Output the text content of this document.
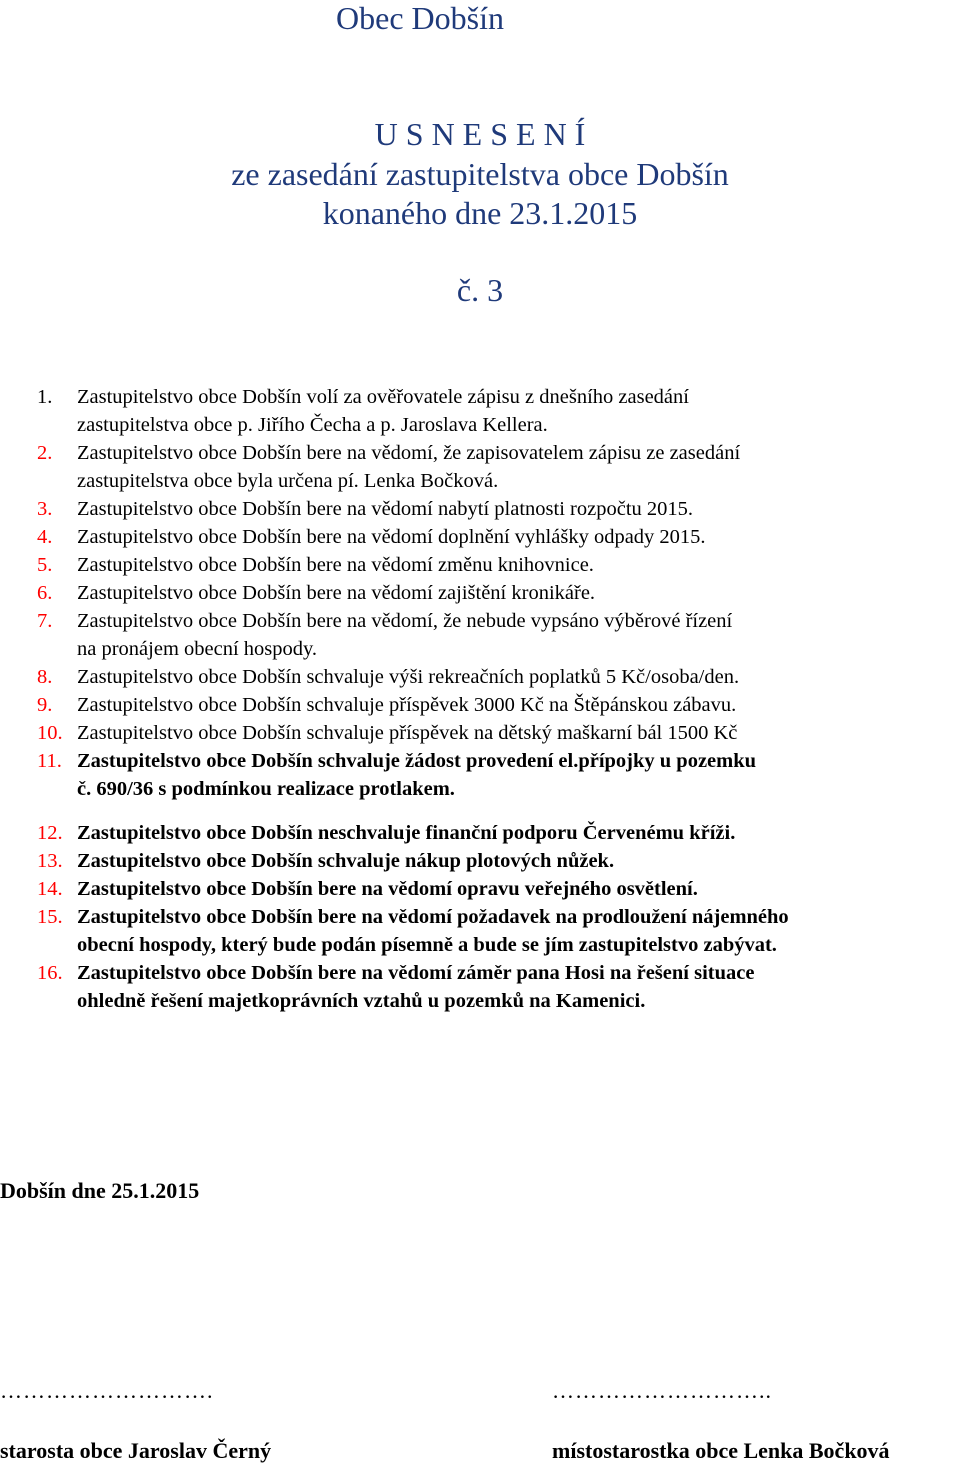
Obec Dobšín
U S N E S E N Í
ze zasedání zastupitelstva obce Dobšín
konaného dne 23.1.2015
č. 3
1. Zastupitelstvo obce Dobšín volí za ověřovatele zápisu z dnešního zasedání
zastupitelstva obce p. Jiřího Čecha a p. Jaroslava Kellera.
2. Zastupitelstvo obce Dobšín bere na vědomí, že zapisovatelem zápisu ze zasedání
zastupitelstva obce byla určena pí. Lenka Bočková.
3. Zastupitelstvo obce Dobšín bere na vědomí nabytí platnosti rozpočtu 2015.
4. Zastupitelstvo obce Dobšín bere na vědomí doplnění vyhlášky odpady 2015.
5. Zastupitelstvo obce Dobšín bere na vědomí změnu knihovnice.
6. Zastupitelstvo obce Dobšín bere na vědomí zajištění kronikáře.
7. Zastupitelstvo obce Dobšín bere na vědomí, že nebude vypsáno výběrové řízení
na pronájem obecní hospody.
8. Zastupitelstvo obce Dobšín schvaluje výši rekreačních poplatků 5 Kč/osoba/den.
9. Zastupitelstvo obce Dobšín schvaluje příspěvek 3000 Kč na Štěpánskou zábavu.
10. Zastupitelstvo obce Dobšín schvaluje příspěvek na dětský maškarní bál 1500 Kč
11. Zastupitelstvo obce Dobšín schvaluje žádost provedení el.přípojky u pozemku
č. 690/36 s podmínkou realizace protlakem.
12. Zastupitelstvo obce Dobšín neschvaluje finanční podporu Červenému kříži.
13. Zastupitelstvo obce Dobšín schvaluje nákup plotových nůžek.
14. Zastupitelstvo obce Dobšín bere na vědomí opravu veřejného osvětlení.
15. Zastupitelstvo obce Dobšín bere na vědomí požadavek na prodloužení nájemného
obecní hospody, který bude podán písemně a bude se jím zastupitelstvo zabývat.
16. Zastupitelstvo obce Dobšín bere na vědomí záměr pana Hosi na řešení situace
ohledně řešení majetkoprávních vztahů u pozemků na Kamenici.
Dobšín dne 25.1.2015
……………………….	………………………..
starosta obce Jaroslav Černý	místostarostka obce Lenka Bočková
